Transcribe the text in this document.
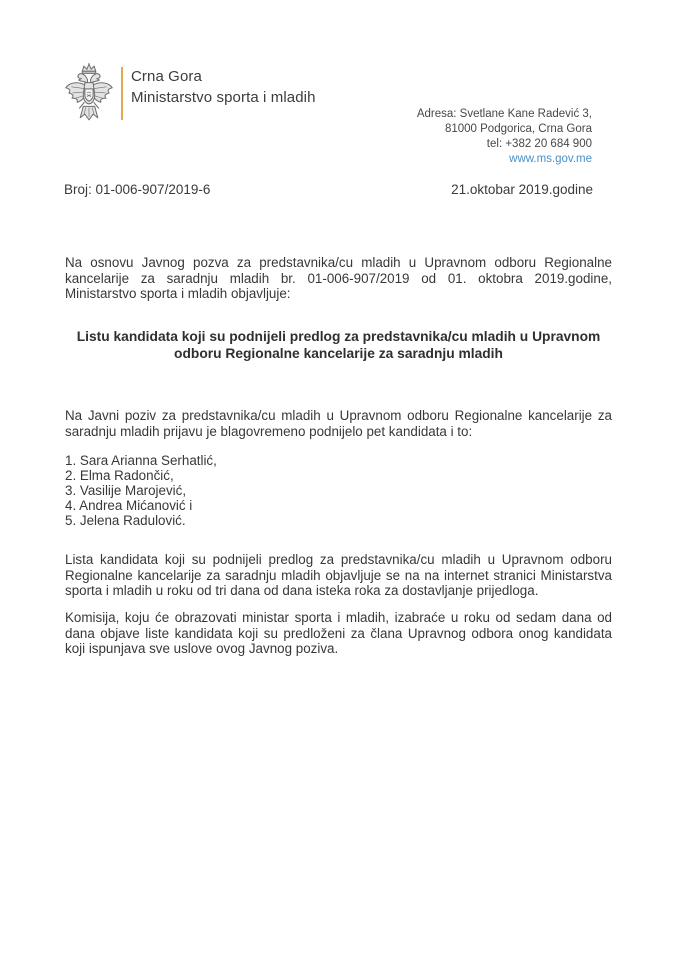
Crna Gora
Ministarstvo sporta i mladih
Adresa: Svetlane Kane Radević 3,
81000 Podgorica, Crna Gora
tel: +382 20 684 900
www.ms.gov.me
Broj: 01-006-907/2019-6	21.oktobar 2019.godine

Na osnovu Javnog pozva za predstavnika/cu mladih u Upravnom odboru Regionalne kancelarije za saradnju mladih br. 01-006-907/2019 od 01. oktobra 2019.godine, Ministarstvo sporta i mladih objavljuje:

Listu kandidata koji su podnijeli predlog za predstavnika/cu mladih u Upravnom odboru Regionalne kancelarije za saradnju mladih

Na Javni poziv za predstavnika/cu mladih u Upravnom odboru Regionalne kancelarije za saradnju mladih prijavu je blagovremeno podnijelo pet kandidata i to:

1. Sara Arianna Serhatlić,
2. Elma Radončić,
3. Vasilije Marojević,
4. Andrea Mićanović i
5. Jelena Radulović.

Lista kandidata koji su podnijeli predlog za predstavnika/cu mladih u Upravnom odboru Regionalne kancelarije za saradnju mladih objavljuje se na na internet stranici Ministarstva sporta i mladih u roku od tri dana od dana isteka roka za dostavljanje prijedloga.

Komisija, koju će obrazovati ministar sporta i mladih, izabraće u roku od sedam dana od dana objave liste kandidata koji su predloženi za člana Upravnog odbora onog kandidata koji ispunjava sve uslove ovog Javnog poziva.
